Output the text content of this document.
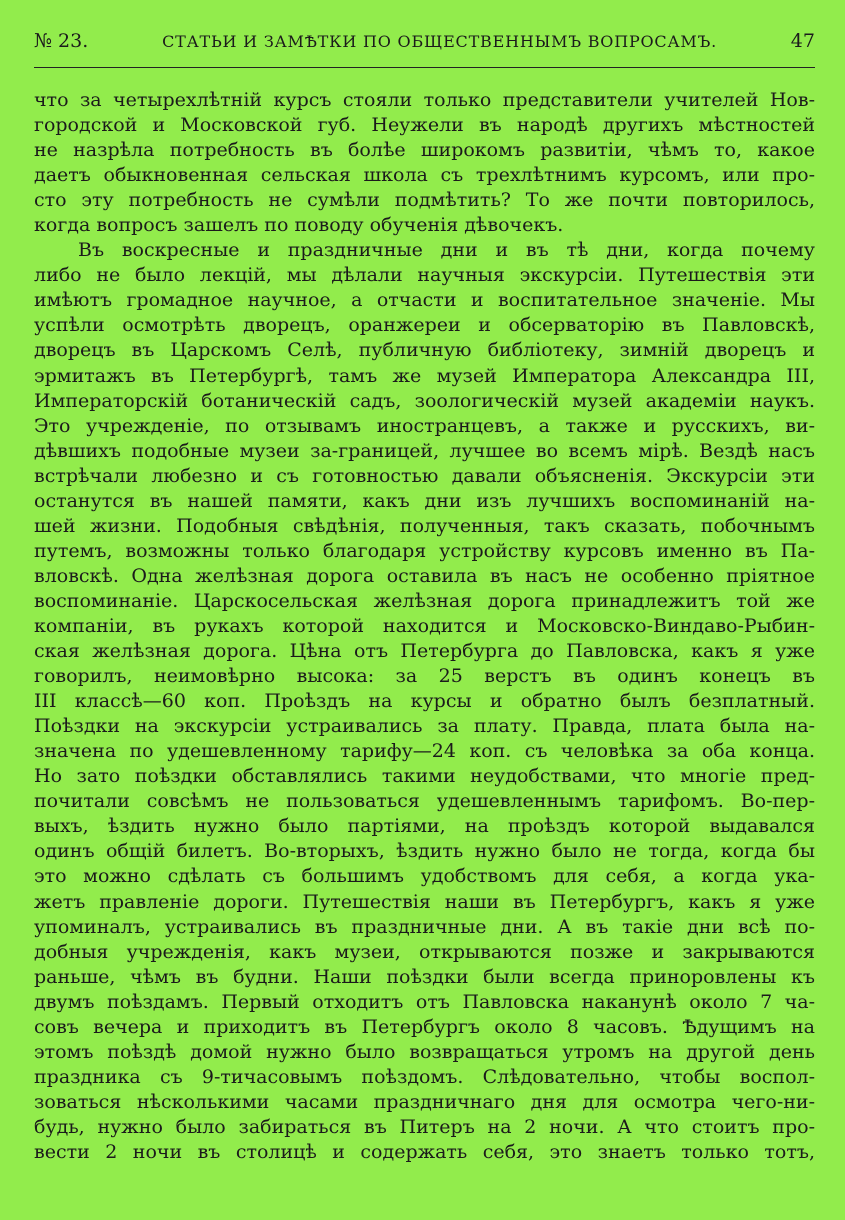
№ 23.	СТАТЬИ И ЗАМѢТКИ ПО ОБЩЕСТВЕННЫМЪ ВОПРОСАМЪ.	47
что за четырехлѣтнiй курсъ стояли только представители учителей Нов-
городской и Московской губ. Неужели въ народѣ другихъ мѣстностей
не назрѣла потребность въ болѣе широкомъ развитiи, чѣмъ то, какое
даетъ обыкновенная сельская школа съ трехлѣтнимъ курсомъ, или про-
сто эту потребность не сумѣли подмѣтить? То же почти повторилось,
когда вопросъ зашелъ по поводу обученiя дѣвочекъ.
Въ воскресные и праздничные дни и въ тѣ дни, когда почему
либо не было лекцiй, мы дѣлали научныя экскурсiи. Путешествiя эти
имѣютъ громадное научное, а отчасти и воспитательное значенiе. Мы
успѣли осмотрѣть дворецъ, оранжереи и обсерваторiю въ Павловскѣ,
дворецъ въ Царскомъ Селѣ, публичную библiотеку, зимнiй дворецъ и
эрмитажъ въ Петербургѣ, тамъ же музей Императора Александра III,
Императорскiй ботаническiй садъ, зоологическiй музей академiи наукъ.
Это учрежденiе, по отзывамъ иностранцевъ, а также и русскихъ, ви-
дѣвшихъ подобные музеи за-границей, лучшее во всемъ мiрѣ. Вездѣ насъ
встрѣчали любезно и съ готовностью давали объясненiя. Экскурсiи эти
останутся въ нашей памяти, какъ дни изъ лучшихъ воспоминанiй на-
шей жизни. Подобныя свѣдѣнiя, полученныя, такъ сказать, побочнымъ
путемъ, возможны только благодаря устройству курсовъ именно въ Па-
вловскѣ. Одна желѣзная дорога оставила въ насъ не особенно прiятное
воспоминанiе. Царскосельская желѣзная дорога принадлежитъ той же
компанiи, въ рукахъ которой находится и Московско-Виндаво-Рыбин-
ская желѣзная дорога. Цѣна отъ Петербурга до Павловска, какъ я уже
говорилъ, неимовѣрно высока: за 25 верстъ въ одинъ конецъ въ
III классѣ—60 коп. Проѣздъ на курсы и обратно былъ безплатный.
Поѣздки на экскурсiи устраивались за плату. Правда, плата была на-
значена по удешевленному тарифу—24 коп. съ человѣка за оба конца.
Но зато поѣздки обставлялись такими неудобствами, что многiе пред-
почитали совсѣмъ не пользоваться удешевленнымъ тарифомъ. Во-пер-
выхъ, ѣздить нужно было партiями, на проѣздъ которой выдавался
одинъ общiй билетъ. Во-вторыхъ, ѣздить нужно было не тогда, когда бы
это можно сдѣлать съ большимъ удобствомъ для себя, а когда ука-
жетъ правленiе дороги. Путешествiя наши въ Петербургъ, какъ я уже
упоминалъ, устраивались въ праздничные дни. А въ такiе дни всѣ по-
добныя учрежденiя, какъ музеи, открываются позже и закрываются
раньше, чѣмъ въ будни. Наши поѣздки были всегда приноровлены къ
двумъ поѣздамъ. Первый отходитъ отъ Павловска наканунѣ около 7 ча-
совъ вечера и приходитъ въ Петербургъ около 8 часовъ. Ѣдущимъ на
этомъ поѣздѣ домой нужно было возвращаться утромъ на другой день
праздника съ 9-тичасовымъ поѣздомъ. Слѣдовательно, чтобы воспол-
зоваться нѣсколькими часами праздничнаго дня для осмотра чего-ни-
будь, нужно было забираться въ Питеръ на 2 ночи. А что стоитъ про-
вести 2 ночи въ столицѣ и содержать себя, это знаетъ только тотъ,
